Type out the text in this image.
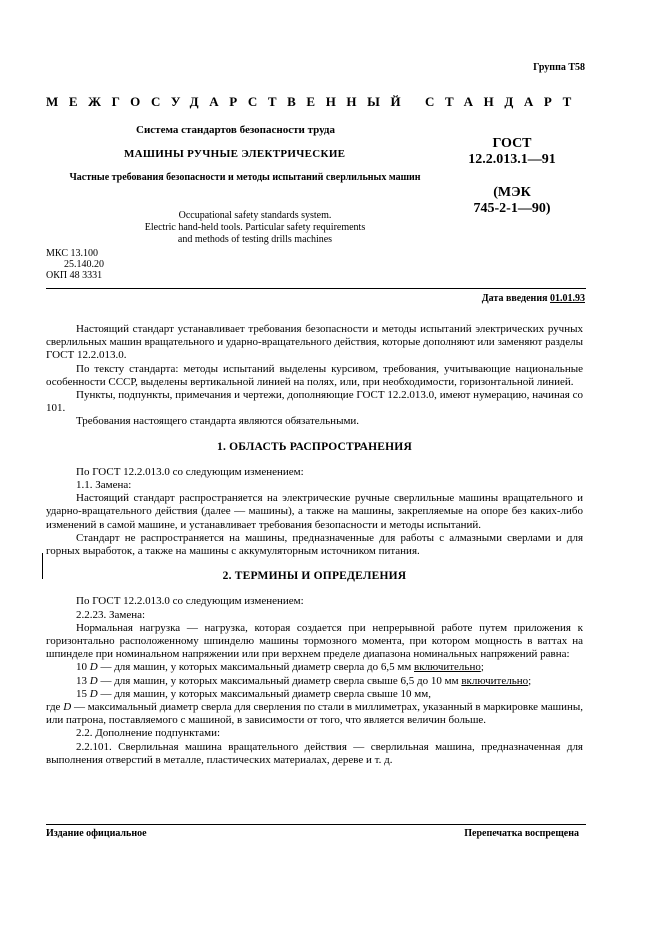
Группа Т58
МЕЖГОСУДАРСТВЕННЫЙ СТАНДАРТ
Система стандартов безопасности труда
МАШИНЫ РУЧНЫЕ ЭЛЕКТРИЧЕСКИЕ
Частные требования безопасности и методы испытаний сверлильных машин
ГОСТ
12.2.013.1—91
(МЭК
745-2-1—90)
Occupational safety standards system.
Electric hand-held tools. Particular safety requirements
and methods of testing drills machines
МКС 13.100
25.140.20
ОКП 48 3331
Дата введения 01.01.93

Настоящий стандарт устанавливает требования безопасности и методы испытаний электрических ручных сверлильных машин вращательного и ударно-вращательного действия, которые дополняют или заменяют разделы ГОСТ 12.2.013.0.

По тексту стандарта: методы испытаний выделены курсивом, требования, учитывающие национальные особенности СССР, выделены вертикальной линией на полях, или, при необходимости, горизонтальной линией.

Пункты, подпункты, примечания и чертежи, дополняющие ГОСТ 12.2.013.0, имеют нумерацию, начиная со 101.

Требования настоящего стандарта являются обязательными.

1. ОБЛАСТЬ РАСПРОСТРАНЕНИЯ

По ГОСТ 12.2.013.0 со следующим изменением:

1.1. Замена:

Настоящий стандарт распространяется на электрические ручные сверлильные машины вращательного и ударно-вращательного действия (далее — машины), а также на машины, закрепляемые на опоре без каких-либо изменений в самой машине, и устанавливает требования безопасности и методы испытаний.

Стандарт не распространяется на машины, предназначенные для работы с алмазными сверлами и для горных выработок, а также на машины с аккумуляторным источником питания.

2. ТЕРМИНЫ И ОПРЕДЕЛЕНИЯ

По ГОСТ 12.2.013.0 со следующим изменением:

2.2.23. Замена:

Нормальная нагрузка — нагрузка, которая создается при непрерывной работе путем приложения к горизонтально расположенному шпинделю машины тормозного момента, при котором мощность в ваттах на шпинделе при номинальном напряжении или при верхнем пределе диапазона номинальных напряжений равна:

10 D — для машин, у которых максимальный диаметр сверла до 6,5 мм включительно;

13 D — для машин, у которых максимальный диаметр сверла свыше 6,5 до 10 мм включительно;

15 D — для машин, у которых максимальный диаметр сверла свыше 10 мм,

где D — максимальный диаметр сверла для сверления по стали в миллиметрах, указанный в маркировке машины, или патрона, поставляемого с машиной, в зависимости от того, что является величин больше.

2.2. Дополнение подпунктами:

2.2.101. Сверлильная машина вращательного действия — сверлильная машина, предназначенная для выполнения отверстий в металле, пластических материалах, дереве и т. д.

Издание официальное	Перепечатка воспрещена
